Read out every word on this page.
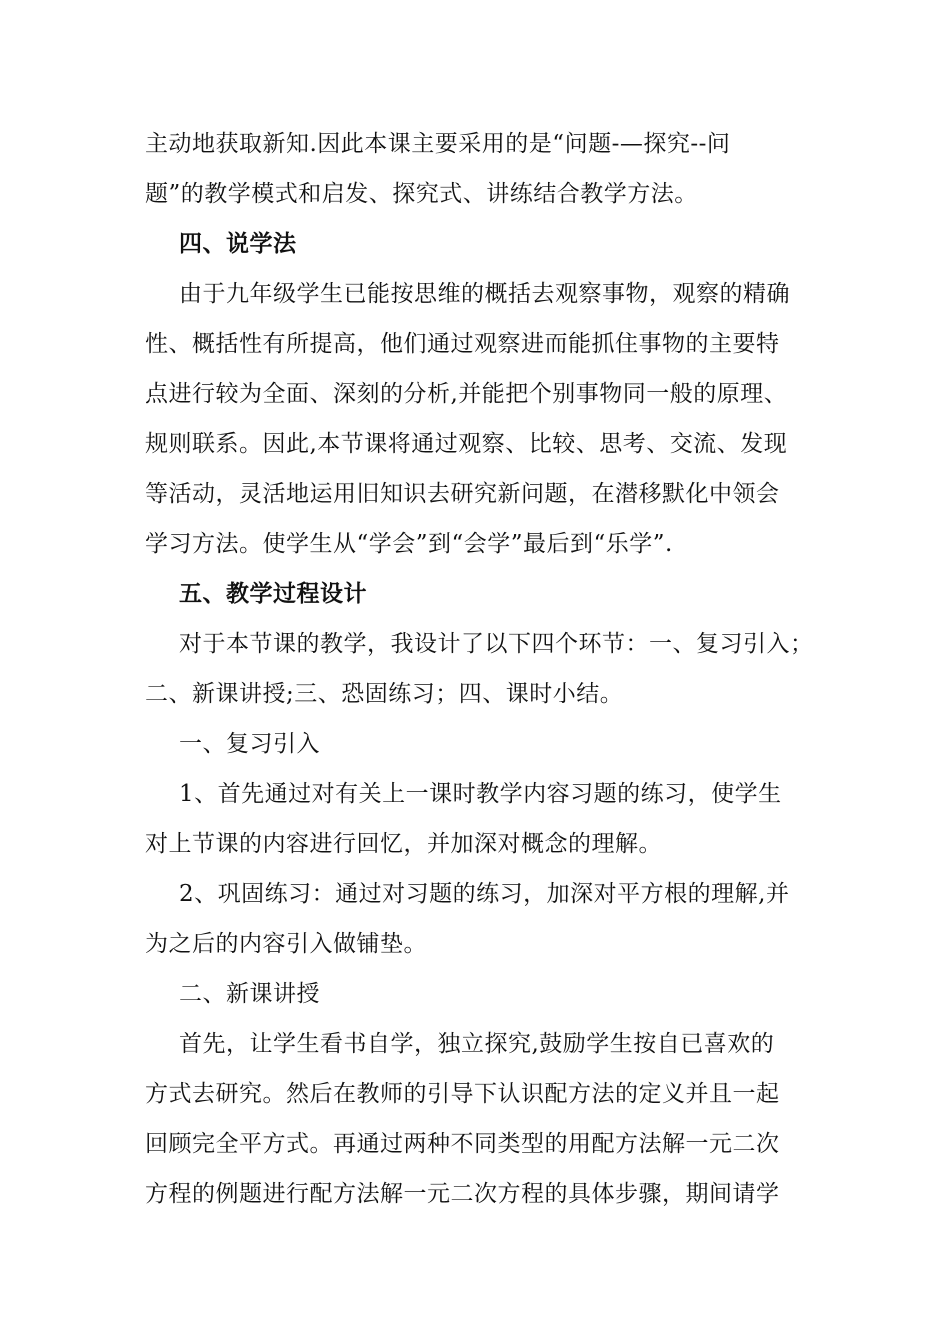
主动地获取新知.因此本课主要采用的是“问题-—探究--问
题”的教学模式和启发、探究式、讲练结合教学方法。
四、说学法
由于九年级学生已能按思维的概括去观察事物，观察的精确
性、概括性有所提高，他们通过观察进而能抓住事物的主要特
点进行较为全面、深刻的分析,并能把个别事物同一般的原理、
规则联系。因此,本节课将通过观察、比较、思考、交流、发现
等活动，灵活地运用旧知识去研究新问题，在潜移默化中领会
学习方法。使学生从“学会”到“会学”最后到“乐学”.
五、教学过程设计
对于本节课的教学，我设计了以下四个环节：一、复习引入；
二、新课讲授;三、恐固练习；四、课时小结。
一、复习引入
1、首先通过对有关上一课时教学内容习题的练习，使学生
对上节课的内容进行回忆，并加深对概念的理解。
2、巩固练习：通过对习题的练习，加深对平方根的理解,并
为之后的内容引入做铺垫。
二、新课讲授
首先，让学生看书自学，独立探究,鼓励学生按自已喜欢的
方式去研究。然后在教师的引导下认识配方法的定义并且一起
回顾完全平方式。再通过两种不同类型的用配方法解一元二次
方程的例题进行配方法解一元二次方程的具体步骤，期间请学
